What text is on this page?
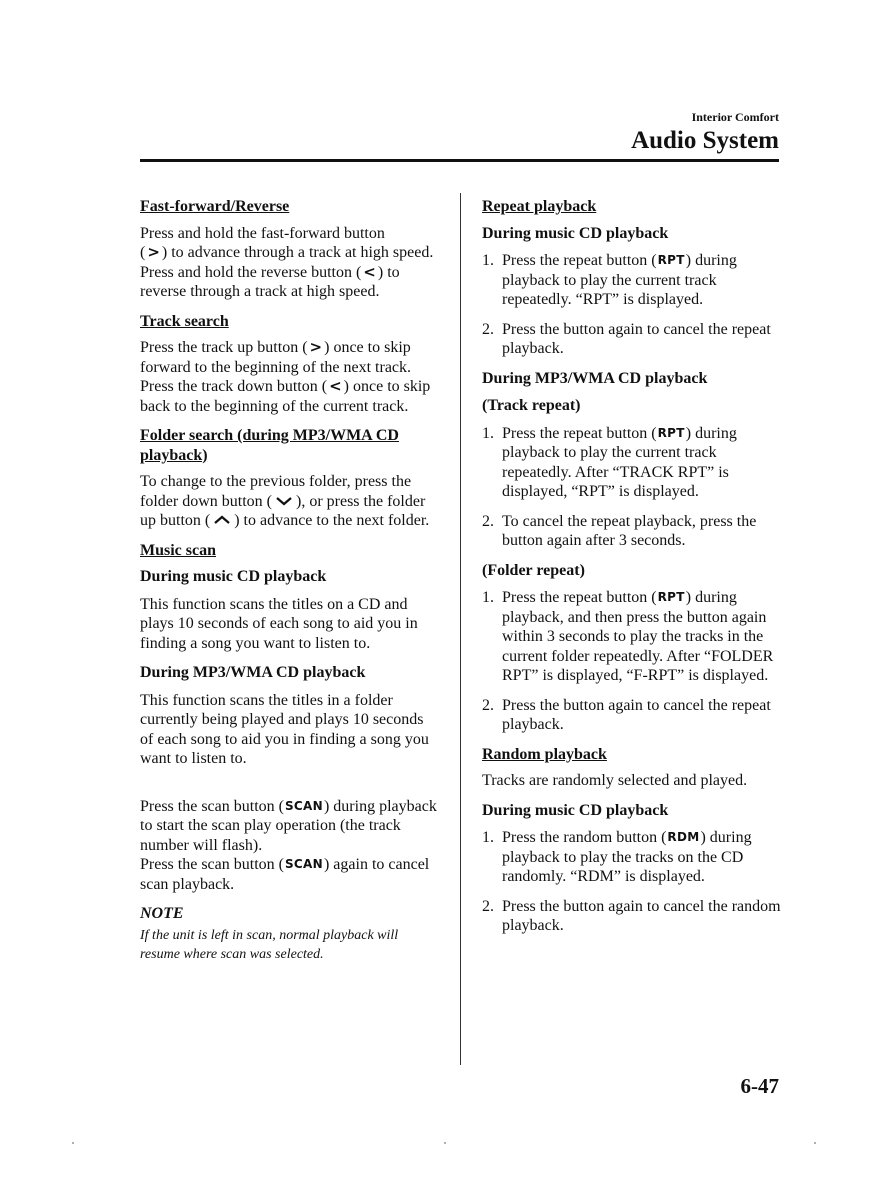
Interior Comfort
Audio System
Fast-forward/Reverse

Press and hold the fast-forward button
( > ) to advance through a track at high speed.
Press and hold the reverse button ( < ) to reverse through a track at high speed.

Track search

Press the track up button ( > ) once to skip forward to the beginning of the next track. Press the track down button ( < ) once to skip back to the beginning of the current track.

Folder search (during MP3/WMA CD playback)

To change to the previous folder, press the folder down button ( ), or press the folder up button ( ) to advance to the next folder.

Music scan
During music CD playback

This function scans the titles on a CD and plays 10 seconds of each song to aid you in finding a song you want to listen to.

During MP3/WMA CD playback

This function scans the titles in a folder currently being played and plays 10 seconds of each song to aid you in finding a song you want to listen to.

Press the scan button (SCAN) during playback to start the scan play operation (the track number will flash).
Press the scan button (SCAN) again to cancel scan playback.

NOTE

If the unit is left in scan, normal playback will resume where scan was selected.

Repeat playback
During music CD playback
1. Press the repeat button (RPT) during playback to play the current track repeatedly. “RPT” is displayed.
2. Press the button again to cancel the repeat playback.
During MP3/WMA CD playback
(Track repeat)
1. Press the repeat button (RPT) during playback to play the current track repeatedly. After “TRACK RPT” is displayed, “RPT” is displayed.
2. To cancel the repeat playback, press the button again after 3 seconds.
(Folder repeat)
1. Press the repeat button (RPT) during playback, and then press the button again within 3 seconds to play the tracks in the current folder repeatedly. After “FOLDER RPT” is displayed, “F-RPT” is displayed.
2. Press the button again to cancel the repeat playback.
Random playback

Tracks are randomly selected and played.

During music CD playback
1. Press the random button (RDM) during playback to play the tracks on the CD randomly. “RDM” is displayed.
2. Press the button again to cancel the random playback.
6-47
